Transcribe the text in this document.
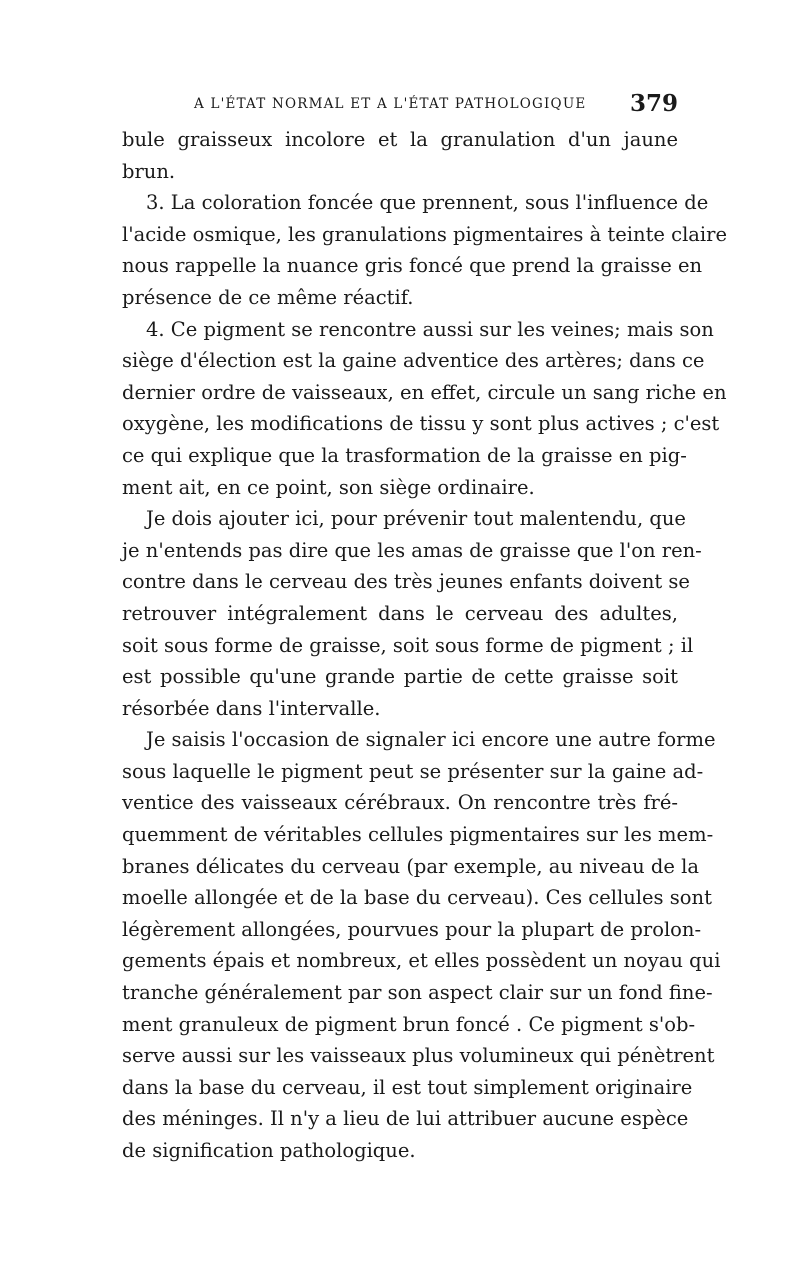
A L'ÉTAT NORMAL ET A L'ÉTAT PATHOLOGIQUE 379
bule graisseux incolore et la granulation d'un jaune
brun.
3. La coloration foncée que prennent, sous l'influence de
l'acide osmique, les granulations pigmentaires à teinte claire
nous rappelle la nuance gris foncé que prend la graisse en
présence de ce même réactif.
4. Ce pigment se rencontre aussi sur les veines; mais son
siège d'élection est la gaine adventice des artères; dans ce
dernier ordre de vaisseaux, en effet, circule un sang riche en
oxygène, les modifications de tissu y sont plus actives ; c'est
ce qui explique que la trasformation de la graisse en pig-
ment ait, en ce point, son siège ordinaire.
Je dois ajouter ici, pour prévenir tout malentendu, que
je n'entends pas dire que les amas de graisse que l'on ren-
contre dans le cerveau des très jeunes enfants doivent se
retrouver intégralement dans le cerveau des adultes,
soit sous forme de graisse, soit sous forme de pigment ; il
est possible qu'une grande partie de cette graisse soit
résorbée dans l'intervalle.
Je saisis l'occasion de signaler ici encore une autre forme
sous laquelle le pigment peut se présenter sur la gaine ad-
ventice des vaisseaux cérébraux. On rencontre très fré-
quemment de véritables cellules pigmentaires sur les mem-
branes délicates du cerveau (par exemple, au niveau de la
moelle allongée et de la base du cerveau). Ces cellules sont
légèrement allongées, pourvues pour la plupart de prolon-
gements épais et nombreux, et elles possèdent un noyau qui
tranche généralement par son aspect clair sur un fond fine-
ment granuleux de pigment brun foncé . Ce pigment s'ob-
serve aussi sur les vaisseaux plus volumineux qui pénètrent
dans la base du cerveau, il est tout simplement originaire
des méninges. Il n'y a lieu de lui attribuer aucune espèce
de signification pathologique.
